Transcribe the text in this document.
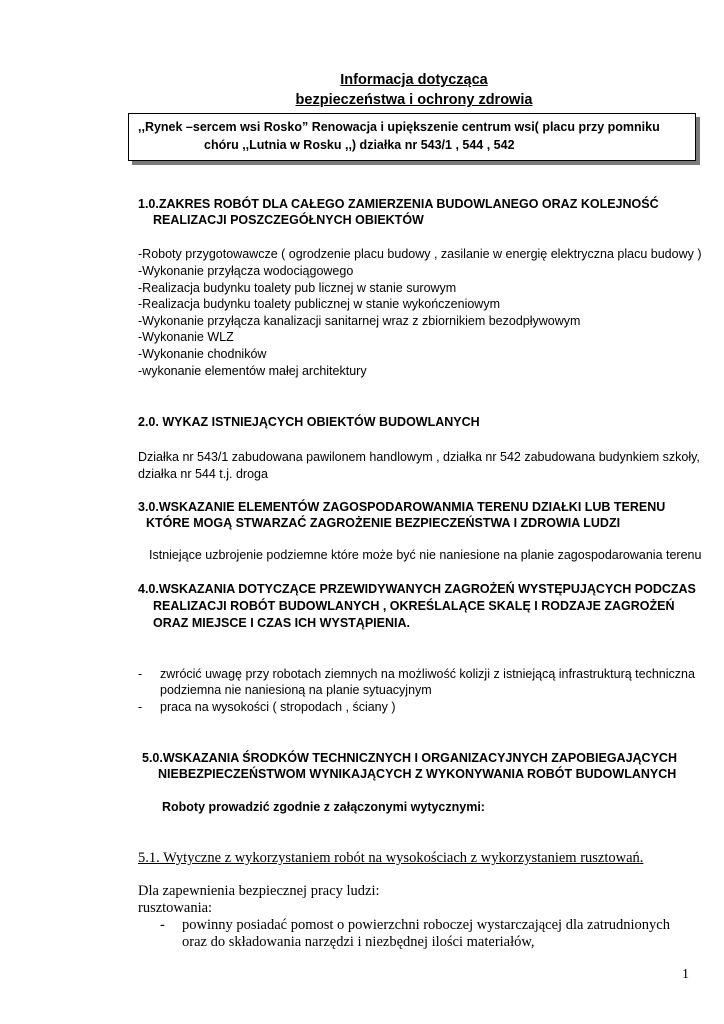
Informacja dotycząca
bezpieczeństwa i ochrony zdrowia
,,Rynek –sercem wsi Rosko” Renowacja i upiększenie centrum wsi( placu przy pomniku
chóru ,,Lutnia w Rosku ,,) działka nr 543/1 , 544 , 542
1.0.ZAKRES ROBÓT DLA CAŁEGO ZAMIERZENIA BUDOWLANEGO ORAZ KOLEJNOŚĆ
REALIZACJI POSZCZEGÓŁNYCH OBIEKTÓW
-Roboty przygotowawcze ( ogrodzenie placu budowy , zasilanie w energię elektryczna placu budowy )
-Wykonanie przyłącza wodociągowego
-Realizacja budynku toalety pub licznej w stanie surowym
-Realizacja budynku toalety publicznej w stanie wykończeniowym
-Wykonanie przyłącza kanalizacji sanitarnej wraz z zbiornikiem bezodpływowym
-Wykonanie WLZ
-Wykonanie chodników
-wykonanie elementów małej architektury
2.0. WYKAZ ISTNIEJĄCYCH OBIEKTÓW BUDOWLANYCH
Działka nr 543/1 zabudowana pawilonem handlowym , działka nr 542 zabudowana budynkiem szkoły,
działka nr 544 t.j. droga
3.0.WSKAZANIE ELEMENTÓW ZAGOSPODAROWANMIA TERENU DZIAŁKI LUB TERENU
KTÓRE MOGĄ STWARZAĆ ZAGROŻENIE BEZPIECZEŃSTWA I ZDROWIA LUDZI
Istniejące uzbrojenie podziemne które może być nie naniesione na planie zagospodarowania terenu
4.0.WSKAZANIA DOTYCZĄCE PRZEWIDYWANYCH ZAGROŻEŃ WYSTĘPUJĄCYCH PODCZAS
REALIZACJI ROBÓT BUDOWLANYCH , OKREŚLALĄCE SKALĘ I RODZAJE ZAGROŻEŃ
ORAZ MIEJSCE I CZAS ICH WYSTĄPIENIA.
- zwrócić uwagę przy robotach ziemnych na możliwość kolizji z istniejącą infrastrukturą techniczna
podziemna nie naniesioną na planie sytuacyjnym
- praca na wysokości ( stropodach , ściany )
5.0.WSKAZANIA ŚRODKÓW TECHNICZNYCH I ORGANIZACYJNYCH ZAPOBIEGAJĄCYCH
NIEBEZPIECZEŃSTWOM WYNIKAJĄCYCH Z WYKONYWANIA ROBÓT BUDOWLANYCH
Roboty prowadzić zgodnie z załączonymi wytycznymi:
5.1. Wytyczne z wykorzystaniem robót na wysokościach z wykorzystaniem rusztowań.
Dla zapewnienia bezpiecznej pracy ludzi:
rusztowania:
- powinny posiadać pomost o powierzchni roboczej wystarczającej dla zatrudnionych
oraz do składowania narzędzi i niezbędnej ilości materiałów,
1
